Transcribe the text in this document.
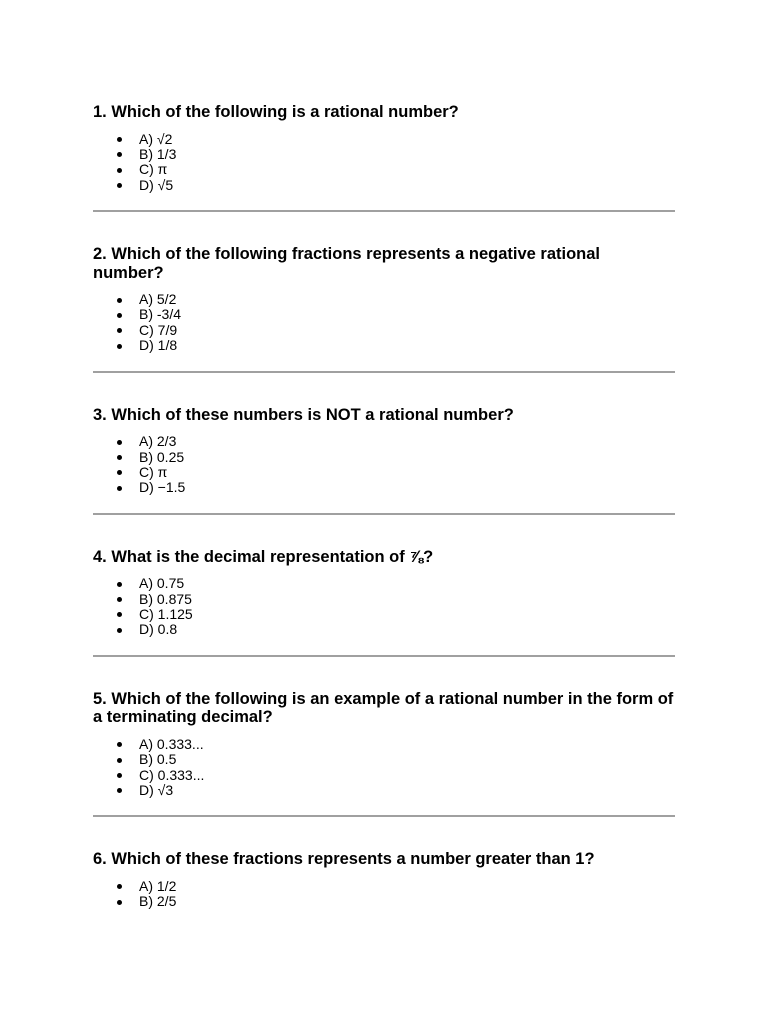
1. Which of the following is a rational number?
A) √2
B) 1/3
C) π
D) √5
2. Which of the following fractions represents a negative rational number?
A) 5/2
B) -3/4
C) 7/9
D) 1/8
3. Which of these numbers is NOT a rational number?
A) 2/3
B) 0.25
C) π
D) −1.5
4. What is the decimal representation of ⅞?
A) 0.75
B) 0.875
C) 1.125
D) 0.8
5. Which of the following is an example of a rational number in the form of a terminating decimal?
A) 0.333...
B) 0.5
C) 0.333...
D) √3
6. Which of these fractions represents a number greater than 1?
A) 1/2
B) 2/5
